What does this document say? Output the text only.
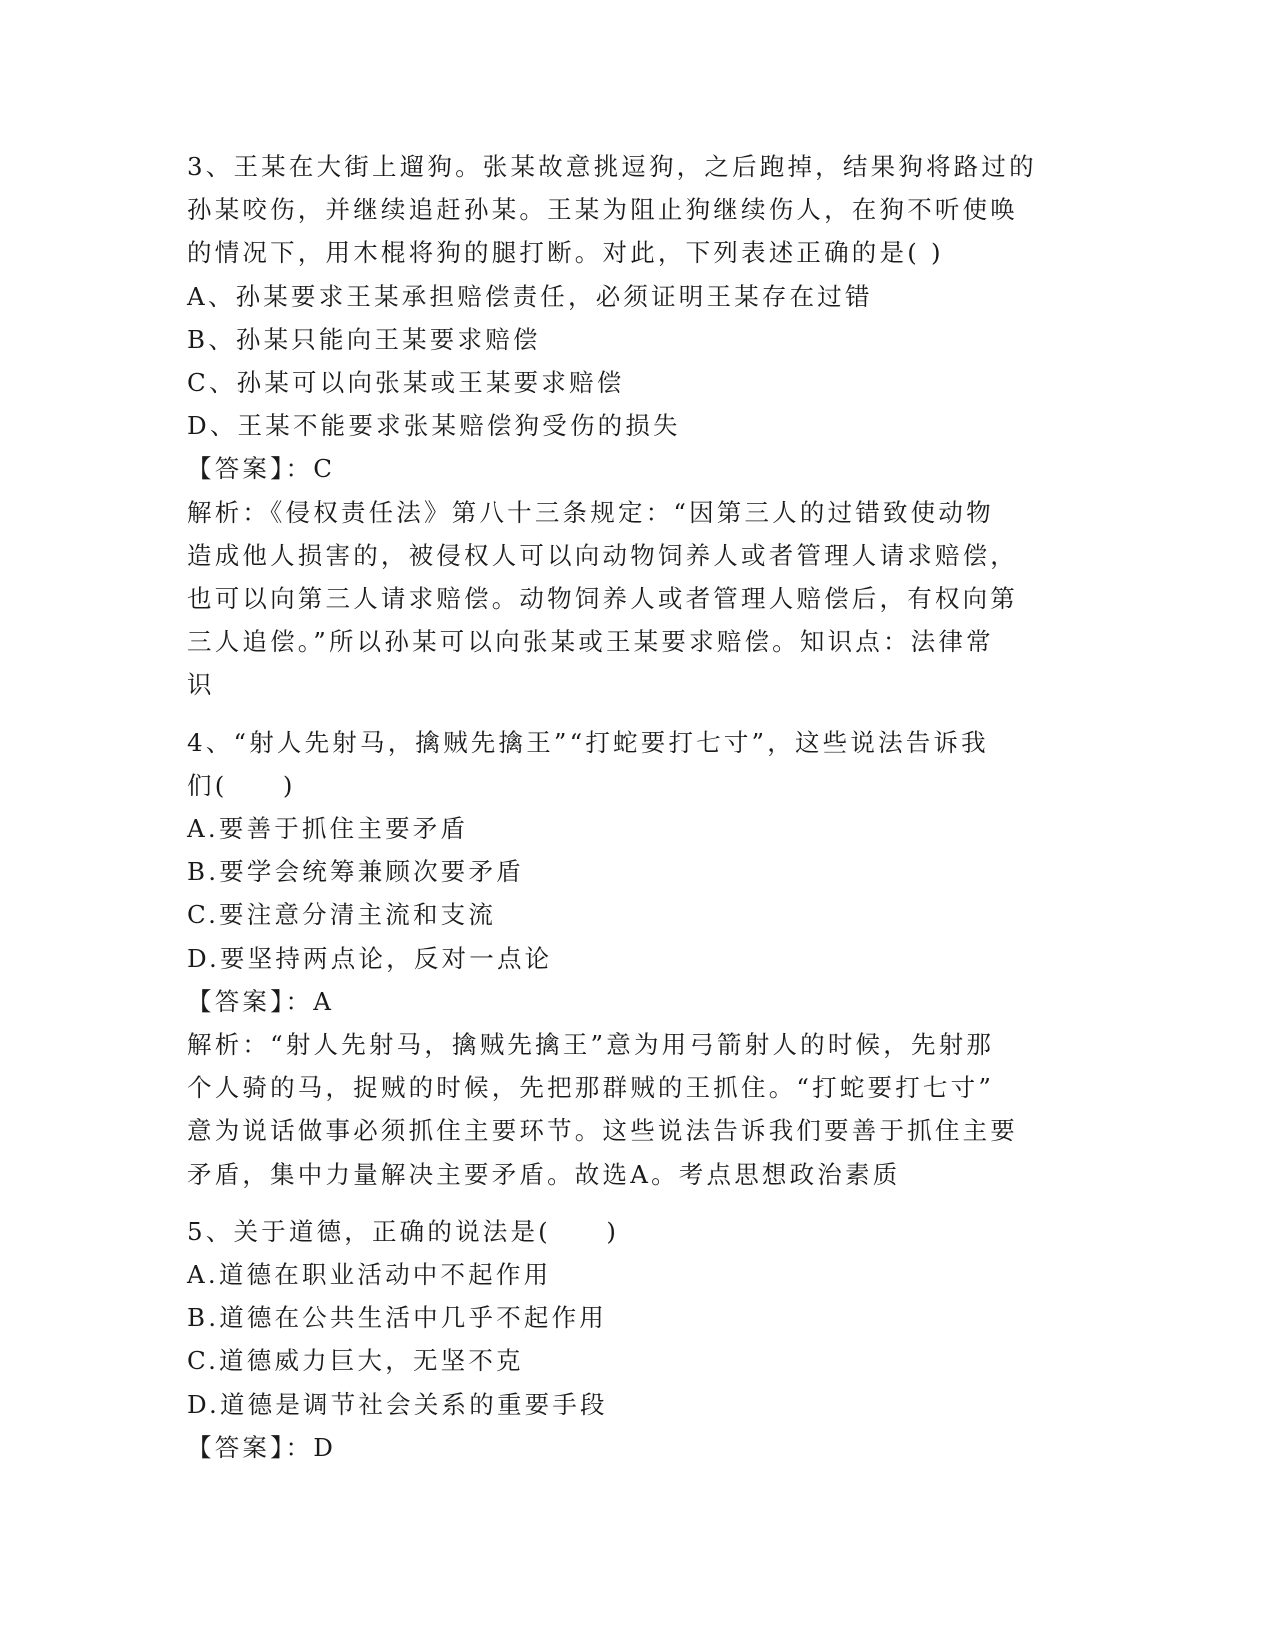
3、王某在大街上遛狗。张某故意挑逗狗，之后跑掉，结果狗将路过的
孙某咬伤，并继续追赶孙某。王某为阻止狗继续伤人，在狗不听使唤
的情况下，用木棍将狗的腿打断。对此，下列表述正确的是( )
A、孙某要求王某承担赔偿责任，必须证明王某存在过错
B、孙某只能向王某要求赔偿
C、孙某可以向张某或王某要求赔偿
D、王某不能要求张某赔偿狗受伤的损失
【答案】：C
解析：《侵权责任法》第八十三条规定：“因第三人的过错致使动物
造成他人损害的，被侵权人可以向动物饲养人或者管理人请求赔偿，
也可以向第三人请求赔偿。动物饲养人或者管理人赔偿后，有权向第
三人追偿。”所以孙某可以向张某或王某要求赔偿。知识点：法律常
识
4、“射人先射马，擒贼先擒王”“打蛇要打七寸”，这些说法告诉我
们(　　)
A.要善于抓住主要矛盾
B.要学会统筹兼顾次要矛盾
C.要注意分清主流和支流
D.要坚持两点论，反对一点论
【答案】：A
解析：“射人先射马，擒贼先擒王”意为用弓箭射人的时候，先射那
个人骑的马，捉贼的时候，先把那群贼的王抓住。“打蛇要打七寸”
意为说话做事必须抓住主要环节。这些说法告诉我们要善于抓住主要
矛盾，集中力量解决主要矛盾。故选A。考点思想政治素质
5、关于道德，正确的说法是(　　)
A.道德在职业活动中不起作用
B.道德在公共生活中几乎不起作用
C.道德威力巨大，无坚不克
D.道德是调节社会关系的重要手段
【答案】：D
